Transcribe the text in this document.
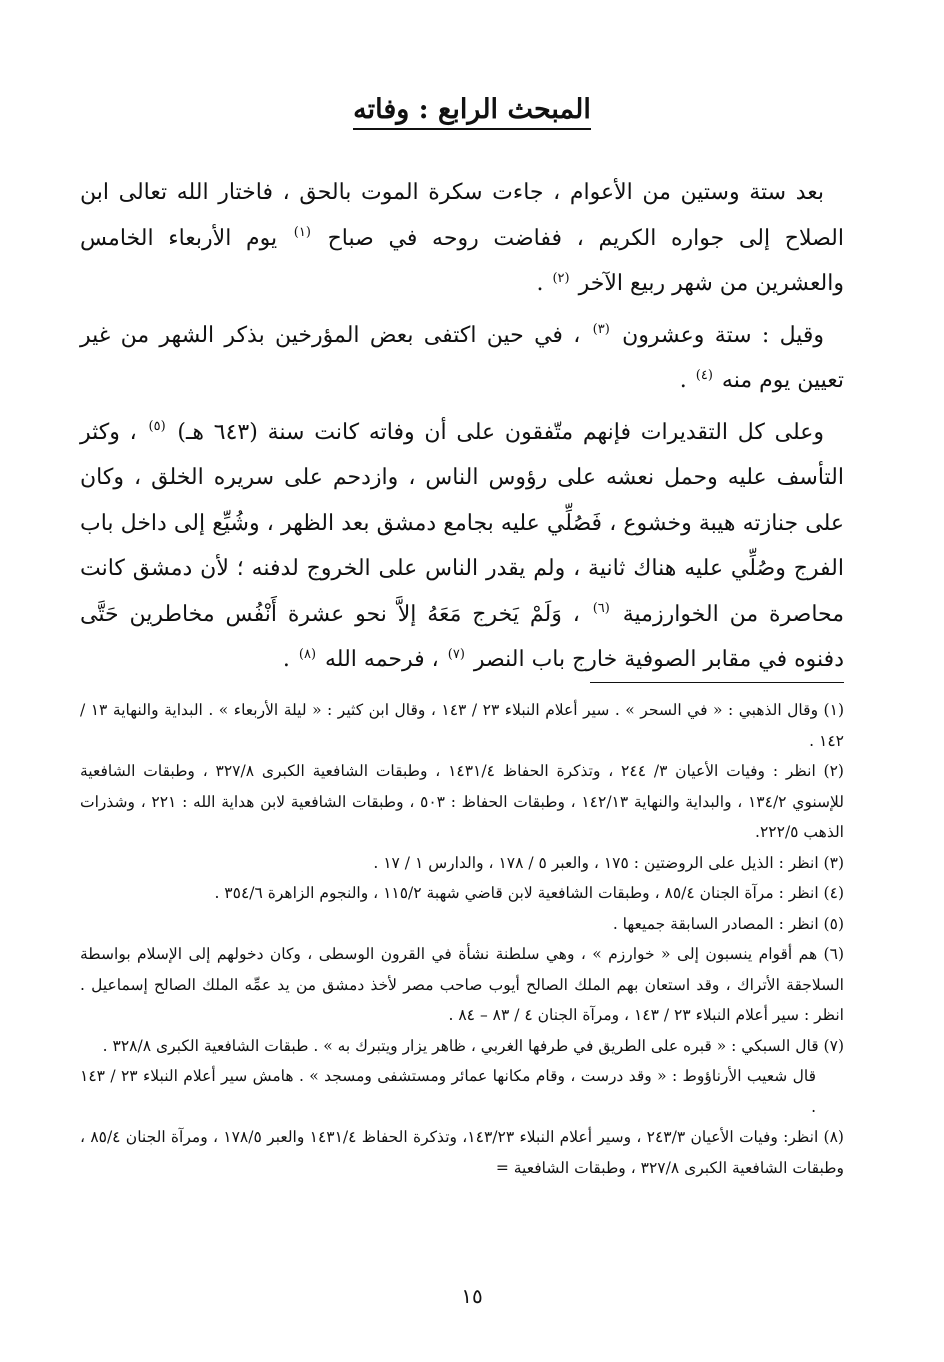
المبحث الرابع : وفاته

بعد ستة وستين من الأعوام ، جاءت سكرة الموت بالحق ، فاختار الله تعالى ابن الصلاح إلى جواره الكريم ، ففاضت روحه في صباح $^{(١)}$ يوم الأربعاء الخامس والعشرين من شهر ربيع الآخر $^{(٢)}$ .

وقيل : ستة وعشرون $^{(٣)}$ ، في حين اكتفى بعض المؤرخين بذكر الشهر من غير تعيين يوم منه $^{(٤)}$ .

وعلى كل التقديرات فإنهم متّفقون على أن وفاته كانت سنة (٦٤٣ هـ) $^{(٥)}$ ، وكثر التأسف عليه وحمل نعشه على رؤوس الناس ، وازدحم على سريره الخلق ، وكان على جنازته هيبة وخشوع ، فَصُلِّي عليه بجامع دمشق بعد الظهر ، وشُيِّع إلى داخل باب الفرج وصُلِّي عليه هناك ثانية ، ولم يقدر الناس على الخروج لدفنه ؛ لأن دمشق كانت محاصرة من الخوارزمية $^{(٦)}$ ، وَلَمْ يَخرج مَعَهُ إلاَّ نحو عشرة أَنْفُس مخاطرين حَتَّى دفنوه في مقابر الصوفية خارج باب النصر $^{(٧)}$ ، فرحمه الله $^{(٨)}$ .

(١) وقال الذهبي : « في السحر » . سير أعلام النبلاء ٢٣ / ١٤٣ ، وقال ابن كثير : « ليلة الأربعاء » . البداية والنهاية ١٣ / ١٤٢ .

(٢) انظر : وفيات الأعيان ٣/ ٢٤٤ ، وتذكرة الحفاظ ١٤٣١/٤ ، وطبقات الشافعية الكبرى ٣٢٧/٨ ، وطبقات الشافعية للإسنوي ١٣٤/٢ ، والبداية والنهاية ١٤٢/١٣ ، وطبقات الحفاظ : ٥٠٣ ، وطبقات الشافعية لابن هداية الله : ٢٢١ ، وشذرات الذهب ٢٢٢/٥.

(٣) انظر : الذيل على الروضتين : ١٧٥ ، والعبر ٥ / ١٧٨ ، والدارس ١ / ١٧ .

(٤) انظر : مرآة الجنان ٨٥/٤ ، وطبقات الشافعية لابن قاضي شهبة ١١٥/٢ ، والنجوم الزاهرة ٣٥٤/٦ .

(٥) انظر : المصادر السابقة جميعها .

(٦) هم أقوام ينسبون إلى « خوارزم » ، وهي سلطنة نشأة في القرون الوسطى ، وكان دخولهم إلى الإسلام بواسطة السلاجقة الأتراك ، وقد استعان بهم الملك الصالح أيوب صاحب مصر لأخذ دمشق من يد عمِّه الملك الصالح إسماعيل . انظر : سير أعلام النبلاء ٢٣ / ١٤٣ ، ومرآة الجنان ٤ / ٨٣ – ٨٤ .

(٧) قال السبكي : « قبره على الطريق في طرفها الغربي ، ظاهر يزار ويتبرك به » . طبقات الشافعية الكبرى ٣٢٨/٨ .

قال شعيب الأرناؤوط : « وقد درست ، وقام مكانها عمائر ومستشفى ومسجد » . هامش سير أعلام النبلاء ٢٣ / ١٤٣ .

(٨) انظر: وفيات الأعيان ٢٤٣/٣ ، وسير أعلام النبلاء ١٤٣/٢٣، وتذكرة الحفاظ ١٤٣١/٤ والعبر ١٧٨/٥ ، ومرآة الجنان ٨٥/٤ ، وطبقات الشافعية الكبرى ٣٢٧/٨ ، وطبقات الشافعية =

١٥
